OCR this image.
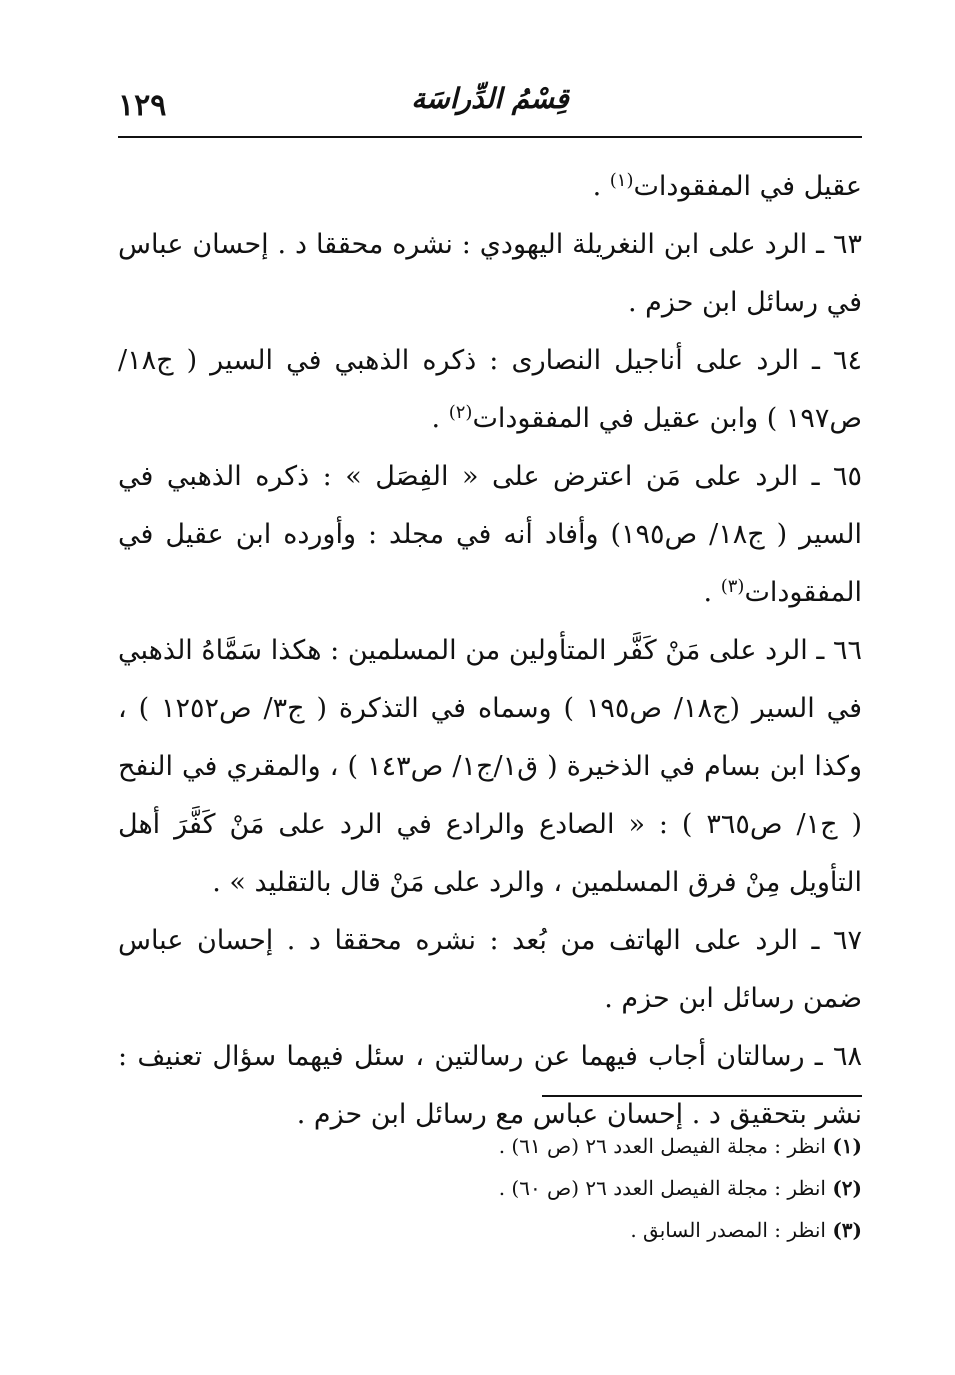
١٢٩	قِسْمُ الدِّراسَة

عقيل في المفقودات$^{(١)}$ .

٦٣ ـ الرد على ابن النغريلة اليهودي : نشره محققا د . إحسان عباس في رسائل ابن حزم .

٦٤ ـ الرد على أناجيل النصارى : ذكره الذهبي في السير ( ج١٨/ ص١٩٧ ) وابن عقيل في المفقودات$^{(٢)}$ .

٦٥ ـ الرد على مَن اعترض على « الفِصَل » : ذكره الذهبي في السير ( ج١٨/ ص١٩٥) وأفاد أنه في مجلد : وأورده ابن عقيل في المفقودات$^{(٣)}$ .

٦٦ ـ الرد على مَنْ كَفَّر المتأولين من المسلمين : هكذا سَمَّاهُ الذهبي في السير (ج١٨/ ص١٩٥ ) وسماه في التذكرة ( ج٣/ ص١٢٥٢ ) ، وكذا ابن بسام في الذخيرة ( ق١/ج١/ ص١٤٣ ) ، والمقري في النفح ( ج١/ ص٣٦٥ ) : « الصادع والرادع في الرد على مَنْ كَفَّرَ أهل التأويل مِنْ فرق المسلمين ، والرد على مَنْ قال بالتقليد » .

٦٧ ـ الرد على الهاتف من بُعد : نشره محققا د . إحسان عباس ضمن رسائل ابن حزم .

٦٨ ـ رسالتان أجاب فيهما عن رسالتين ، سئل فيهما سؤال تعنيف : نشر بتحقيق د . إحسان عباس مع رسائل ابن حزم .

(١) انظر : مجلة الفيصل العدد ٢٦ (ص ٦١) .
(٢) انظر : مجلة الفيصل العدد ٢٦ (ص ٦٠) .
(٣) انظر : المصدر السابق .
